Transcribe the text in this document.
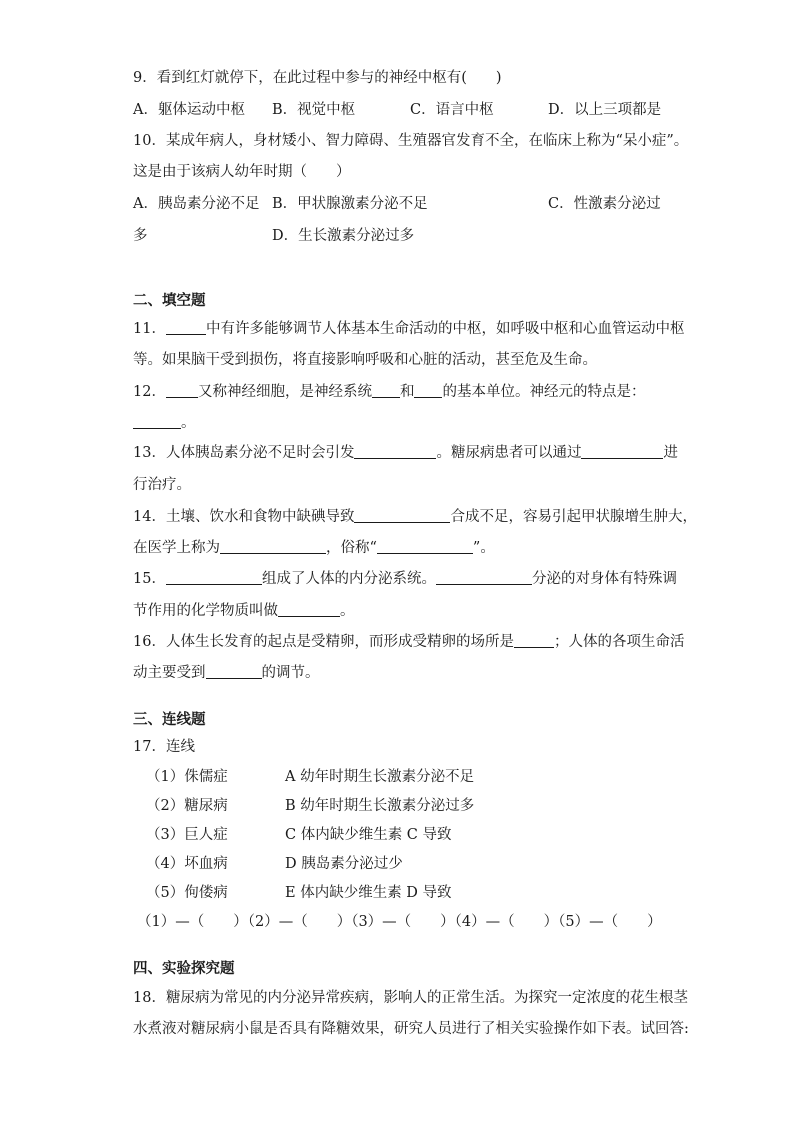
9．看到红灯就停下，在此过程中参与的神经中枢有(　　)
A．躯体运动中枢 B．视觉中枢	C．语言中枢	D．以上三项都是
10．某成年病人，身材矮小、智力障碍、生殖器官发育不全，在临床上称为“呆小症”。
这是由于该病人幼年时期（　　）
A．胰岛素分泌不足 B．甲状腺激素分泌不足	C．性激素分泌过
多	D．生长激素分泌过多
二、填空题
11．	中有许多能够调节人体基本生命活动的中枢，如呼吸中枢和心血管运动中枢
等。如果脑干受到损伤，将直接影响呼吸和心脏的活动，甚至危及生命。
12． 又称神经细胞，是神经系统 和 的基本单位。神经元的特点是：
。
13．人体胰岛素分泌不足时会引发	。糖尿病患者可以通过	进
行治疗。
14．土壤、饮水和食物中缺碘导致	合成不足，容易引起甲状腺增生肿大，
在医学上称为	，俗称“	”。
15．	组成了人体的内分泌系统。	分泌的对身体有特殊调
节作用的化学物质叫做	。
16．人体生长发育的起点是受精卵，而形成受精卵的场所是	；人体的各项生命活
动主要受到	的调节。
三、连线题
17．连线
（1）侏儒症	A 幼年时期生长激素分泌不足
（2）糖尿病	B 幼年时期生长激素分泌过多
（3）巨人症	C 体内缺少维生素 C 导致
（4）坏血病	D 胰岛素分泌过少
（5）佝偻病	E 体内缺少维生素 D 导致
（1）—（　　）（2）—（　　）（3）—（　　）（4）—（　　）（5）—（　　）
四、实验探究题
18．糖尿病为常见的内分泌异常疾病，影响人的正常生活。为探究一定浓度的花生根茎
水煮液对糖尿病小鼠是否具有降糖效果，研究人员进行了相关实验操作如下表。试回答:
